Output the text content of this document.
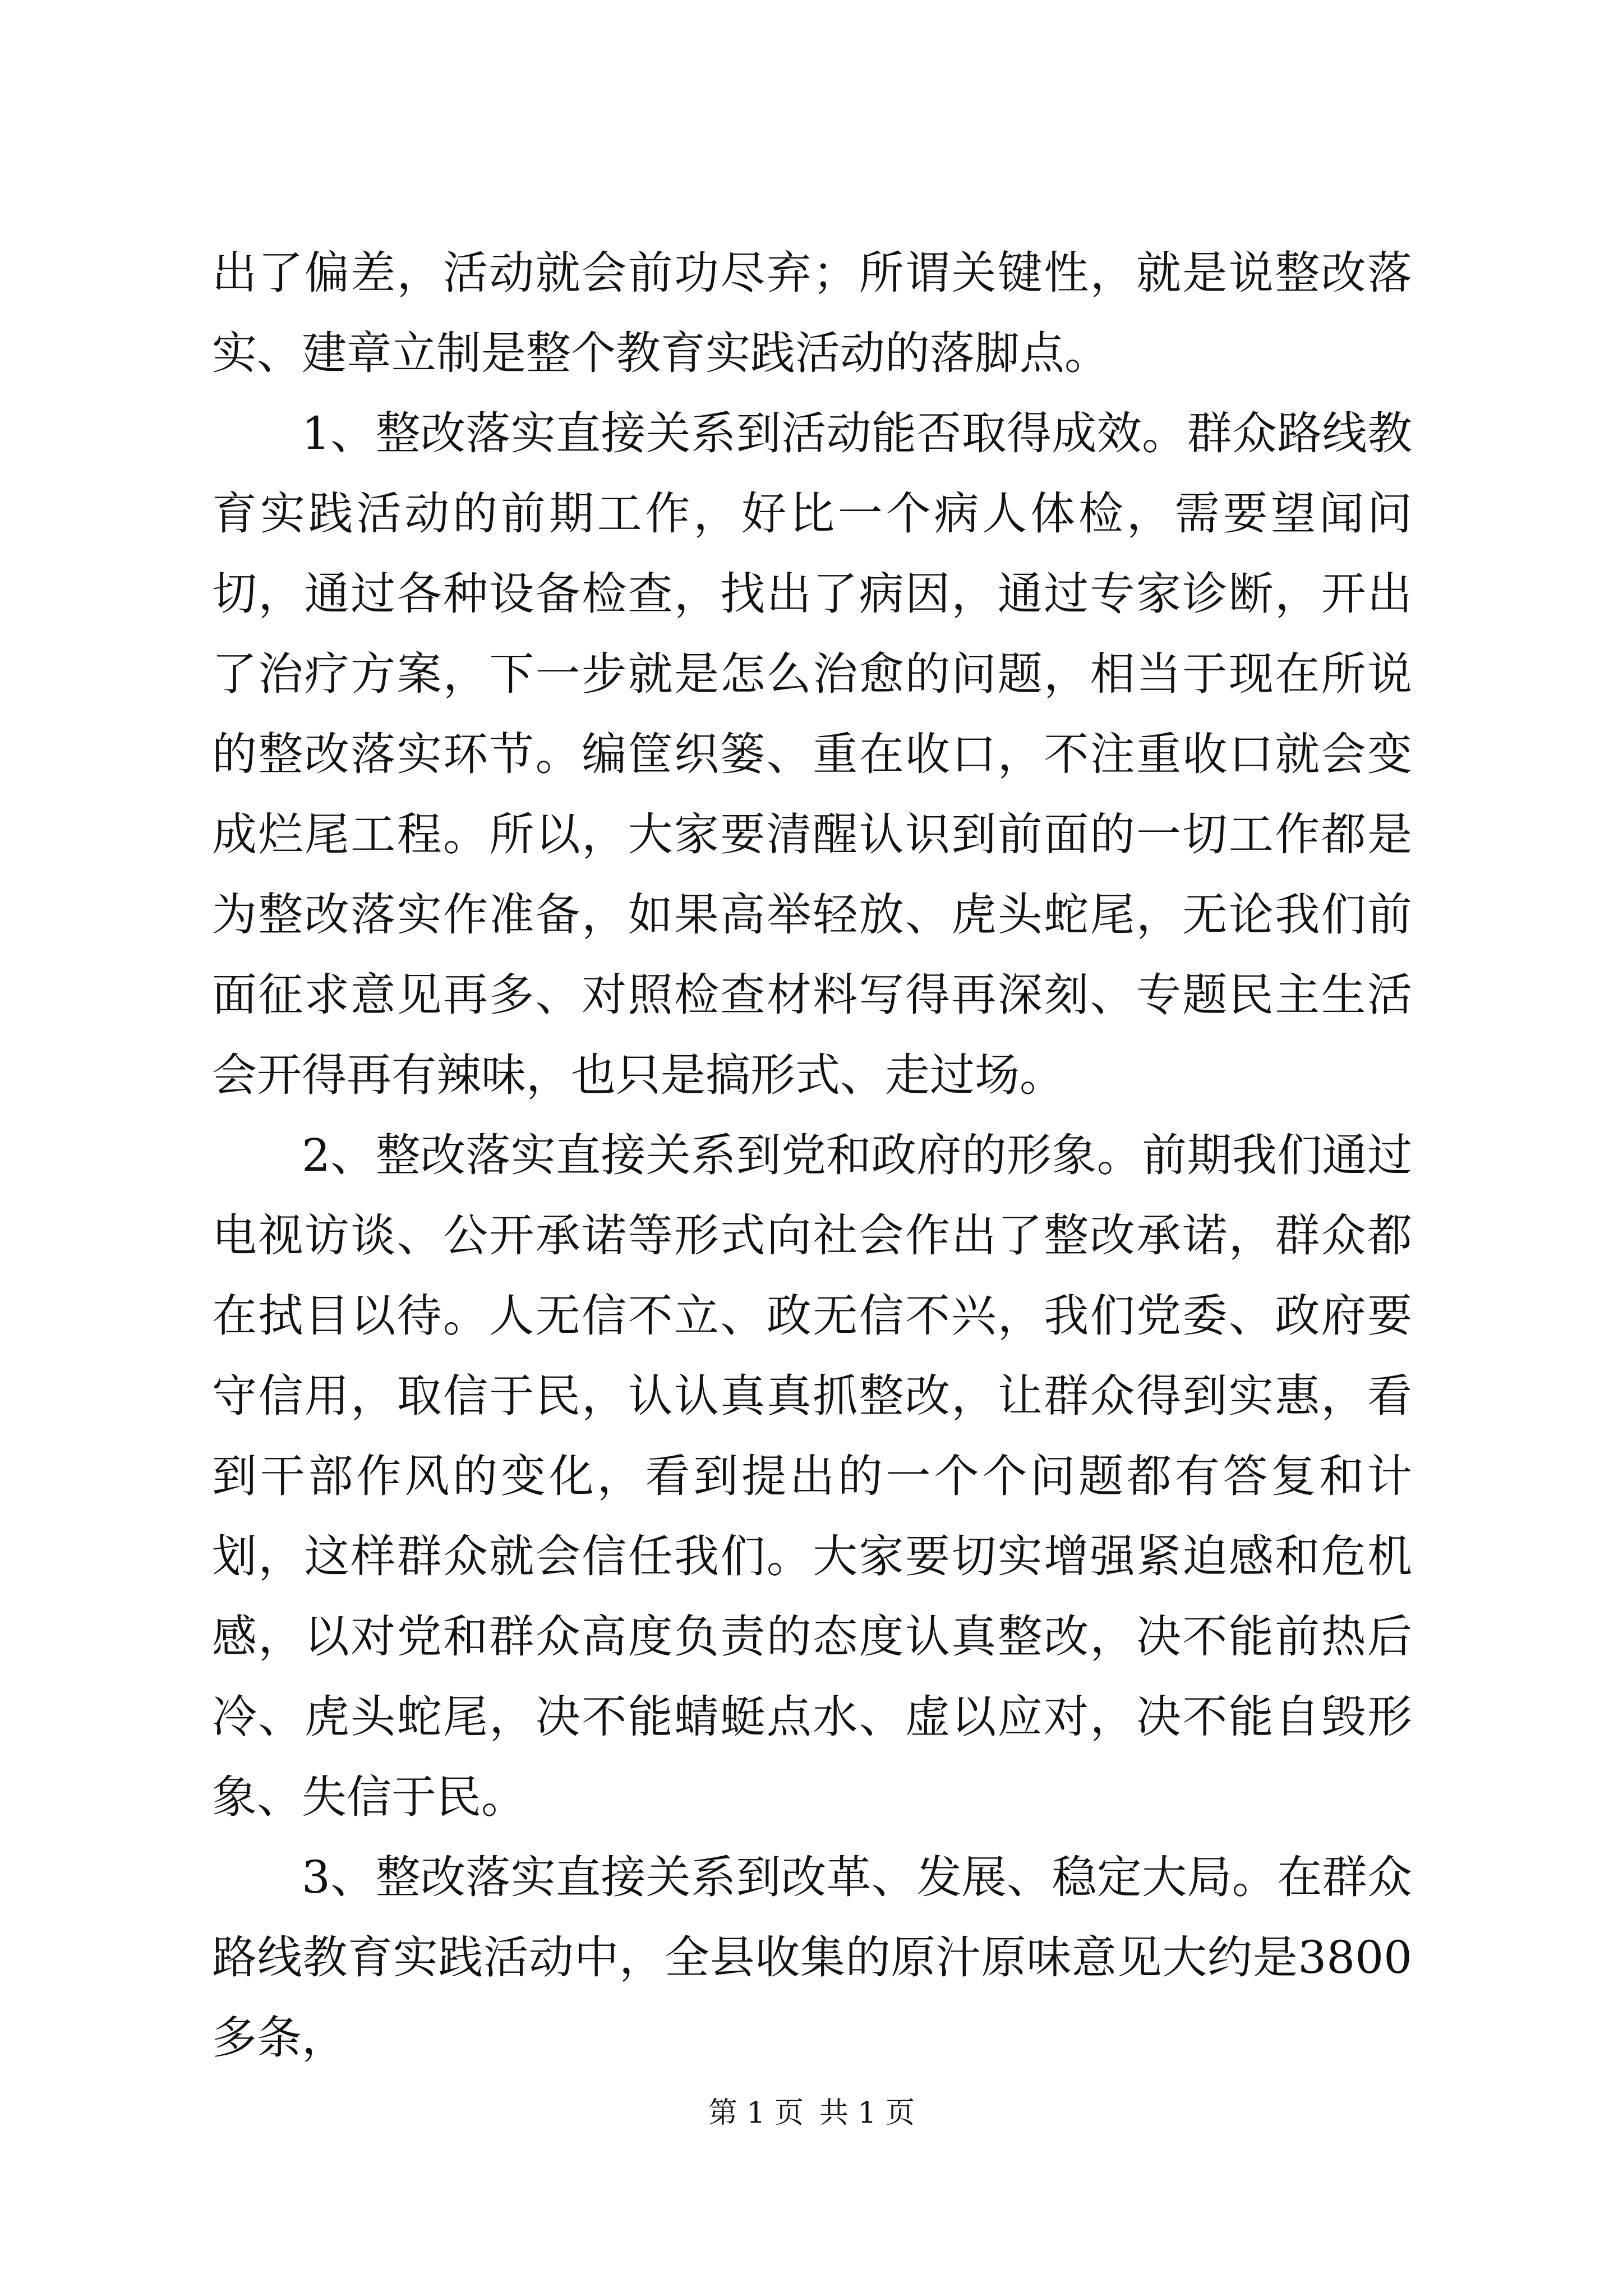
出了偏差，活动就会前功尽弃；所谓关键性，就是说整改落实、建章立制是整个教育实践活动的落脚点。

1、整改落实直接关系到活动能否取得成效。群众路线教育实践活动的前期工作，好比一个病人体检，需要望闻问切，通过各种设备检查，找出了病因，通过专家诊断，开出了治疗方案，下一步就是怎么治愈的问题，相当于现在所说的整改落实环节。编筐织篓、重在收口，不注重收口就会变成烂尾工程。所以，大家要清醒认识到前面的一切工作都是为整改落实作准备，如果高举轻放、虎头蛇尾，无论我们前面征求意见再多、对照检查材料写得再深刻、专题民主生活会开得再有辣味，也只是搞形式、走过场。

2、整改落实直接关系到党和政府的形象。前期我们通过电视访谈、公开承诺等形式向社会作出了整改承诺，群众都在拭目以待。人无信不立、政无信不兴，我们党委、政府要守信用，取信于民，认认真真抓整改，让群众得到实惠，看到干部作风的变化，看到提出的一个个问题都有答复和计划，这样群众就会信任我们。大家要切实增强紧迫感和危机感，以对党和群众高度负责的态度认真整改，决不能前热后冷、虎头蛇尾，决不能蜻蜓点水、虚以应对，决不能自毁形象、失信于民。

3、整改落实直接关系到改革、发展、稳定大局。在群众路线教育实践活动中，全县收集的原汁原味意见大约是3800多条，

第 1 页 共 1 页
